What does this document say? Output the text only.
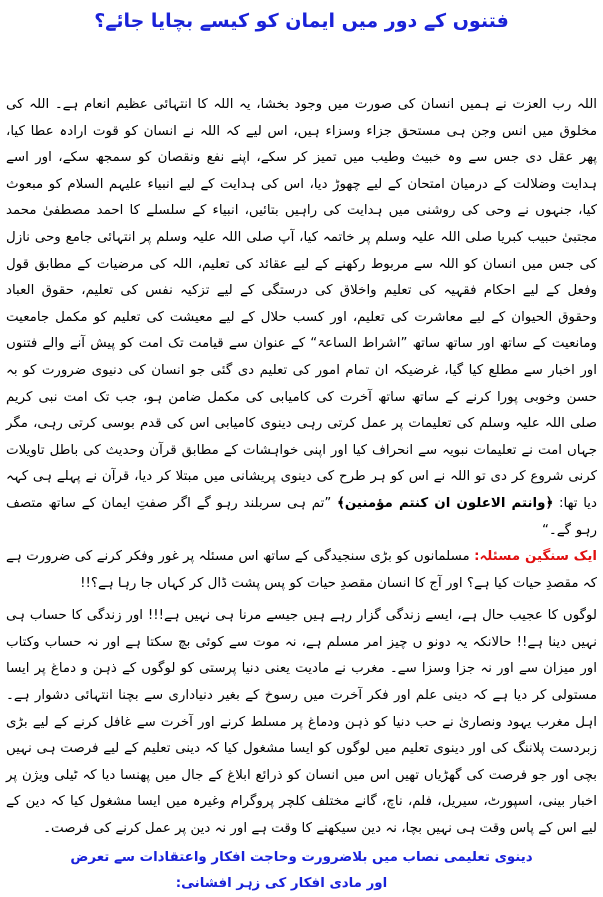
فتنوں کے دور میں ایمان کو کیسے بچایا جائے؟

اللہ رب العزت نے ہمیں انسان کی صورت میں وجود بخشا، یہ اللہ کا انتہائی عظیم انعام ہے۔ اللہ کی مخلوق میں انس وجن ہی مستحق جزاء وسزاء ہیں، اس لیے کہ اللہ نے انسان کو قوت ارادہ عطا کیا، پھر عقل دی جس سے وہ خبیث وطیب میں تمیز کر سکے، اپنے نفع ونقصان کو سمجھ سکے، اور اسے ہدایت وضلالت کے درمیان امتحان کے لیے چھوڑ دیا، اس کی ہدایت کے لیے انبیاء علیہم السلام کو مبعوث کیا، جنہوں نے وحی کی روشنی میں ہدایت کی راہیں بتائیں، انبیاء کے سلسلے کا احمد مصطفیٰ محمد مجتبیٰ حبیب کبریا صلی اللہ علیہ وسلم پر خاتمہ کیا، آپ صلی اللہ علیہ وسلم پر انتہائی جامع وحی نازل کی جس میں انسان کو اللہ سے مربوط رکھنے کے لیے عقائد کی تعلیم، اللہ کی مرضیات کے مطابق قول وفعل کے لیے احکام فقہیہ کی تعلیم واخلاق کی درستگی کے لیے تزکیہ نفس کی تعلیم، حقوق العباد وحقوق الحیوان کے لیے معاشرت کی تعلیم، اور کسب حلال کے لیے معیشت کی تعلیم کو مکمل جامعیت ومانعیت کے ساتھ اور ساتھ ساتھ ”اشراط الساعۃ“ کے عنوان سے قیامت تک امت کو پیش آنے والے فتنوں اور اخبار سے مطلع کیا گیا، غرضیکہ ان تمام امور کی تعلیم دی گئی جو انسان کی دنیوی ضرورت کو بہ حسن وخوبی پورا کرنے کے ساتھ ساتھ آخرت کی کامیابی کی مکمل ضامن ہو، جب تک امت نبی کریم صلی اللہ علیہ وسلم کی تعلیمات پر عمل کرتی رہی دینوی کامیابی اس کی قدم بوسی کرتی رہی، مگر جہاں امت نے تعلیمات نبویہ سے انحراف کیا اور اپنی خواہشات کے مطابق قرآن وحدیث کی باطل تاویلات کرنی شروع کر دی تو اللہ نے اس کو ہر طرح کی دینوی پریشانی میں مبتلا کر دیا، قرآن نے پہلے ہی کہہ دیا تھا: ﴿وانتم الاعلون ان کنتم مؤمنین﴾ ”تم ہی سربلند رہو گے اگر صفتِ ایمان کے ساتھ متصف رہو گے۔“

ایک سنگین مسئلہ: مسلمانوں کو بڑی سنجیدگی کے ساتھ اس مسئلہ پر غور وفکر کرنے کی ضرورت ہے کہ مقصدِ حیات کیا ہے؟ اور آج کا انسان مقصدِ حیات کو پس پشت ڈال کر کہاں جا رہا ہے؟!!

لوگوں کا عجیب حال ہے، ایسے زندگی گزار رہے ہیں جیسے مرنا ہی نہیں ہے!!! اور زندگی کا حساب ہی نہیں دینا ہے!! حالانکہ یہ دونو ں چیز امر مسلم ہے، نہ موت سے کوئی بچ سکتا ہے اور نہ حساب وکتاب اور میزان سے اور نہ جزا وسزا سے۔ مغرب نے مادیت یعنی دنیا پرستی کو لوگوں کے ذہن و دماغ پر ایسا مستولی کر دیا ہے کہ دینی علم اور فکر آخرت میں رسوخ کے بغیر دنیاداری سے بچنا انتہائی دشوار ہے۔ اہل مغرب یہود ونصاریٰ نے حب دنیا کو ذہن ودماغ پر مسلط کرنے اور آخرت سے غافل کرنے کے لیے بڑی زبردست پلاننگ کی اور دینوی تعلیم میں لوگوں کو ایسا مشغول کیا کہ دینی تعلیم کے لیے فرصت ہی نہیں بچی اور جو فرصت کی گھڑیاں تھیں اس میں انسان کو ذرائع ابلاغ کے جال میں پھنسا دیا کہ ٹیلی ویژن پر اخبار بینی، اسپورٹ، سیریل، فلم، ناچ، گانے مختلف کلچر پروگرام وغیرہ میں ایسا مشغول کیا کہ دین کے لیے اس کے پاس وقت ہی نہیں بچا، نہ دین سیکھنے کا وقت ہے اور نہ دین پر عمل کرنے کی فرصت۔

دینوی تعلیمی نصاب میں بلاضرورت وحاجت افکار واعتقادات سے تعرض
اور مادی افکار کی زہر افشانی:
